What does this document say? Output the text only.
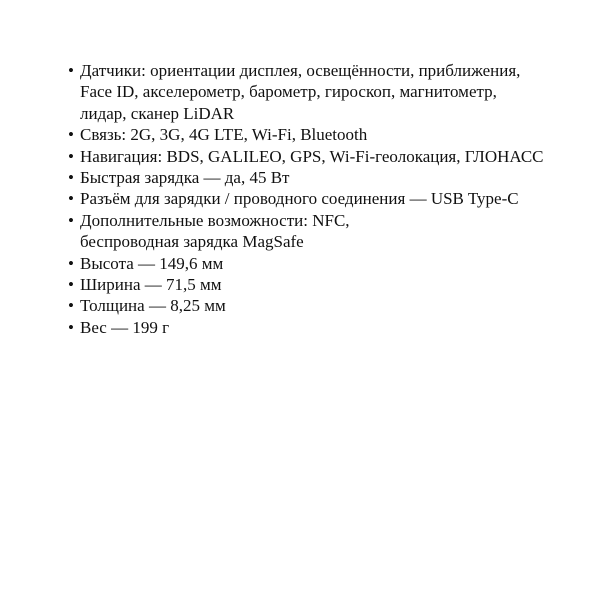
• Датчики: ориентации дисплея, освещённости, приближения,
Face ID, акселерометр, барометр, гироскоп, магнитометр,
лидар, сканер LiDAR
• Связь: 2G, 3G, 4G LTE, Wi-Fi, Bluetooth
• Навигация: BDS, GALILEO, GPS, Wi-Fi-геолокация, ГЛОНАСС
• Быстрая зарядка — да, 45 Вт
• Разъём для зарядки / проводного соединения — USB Type-C
• Дополнительные возможности: NFC,
беспроводная зарядка MagSafe
• Высота — 149,6 мм
• Ширина — 71,5 мм
• Толщина — 8,25 мм
• Вес — 199 г
